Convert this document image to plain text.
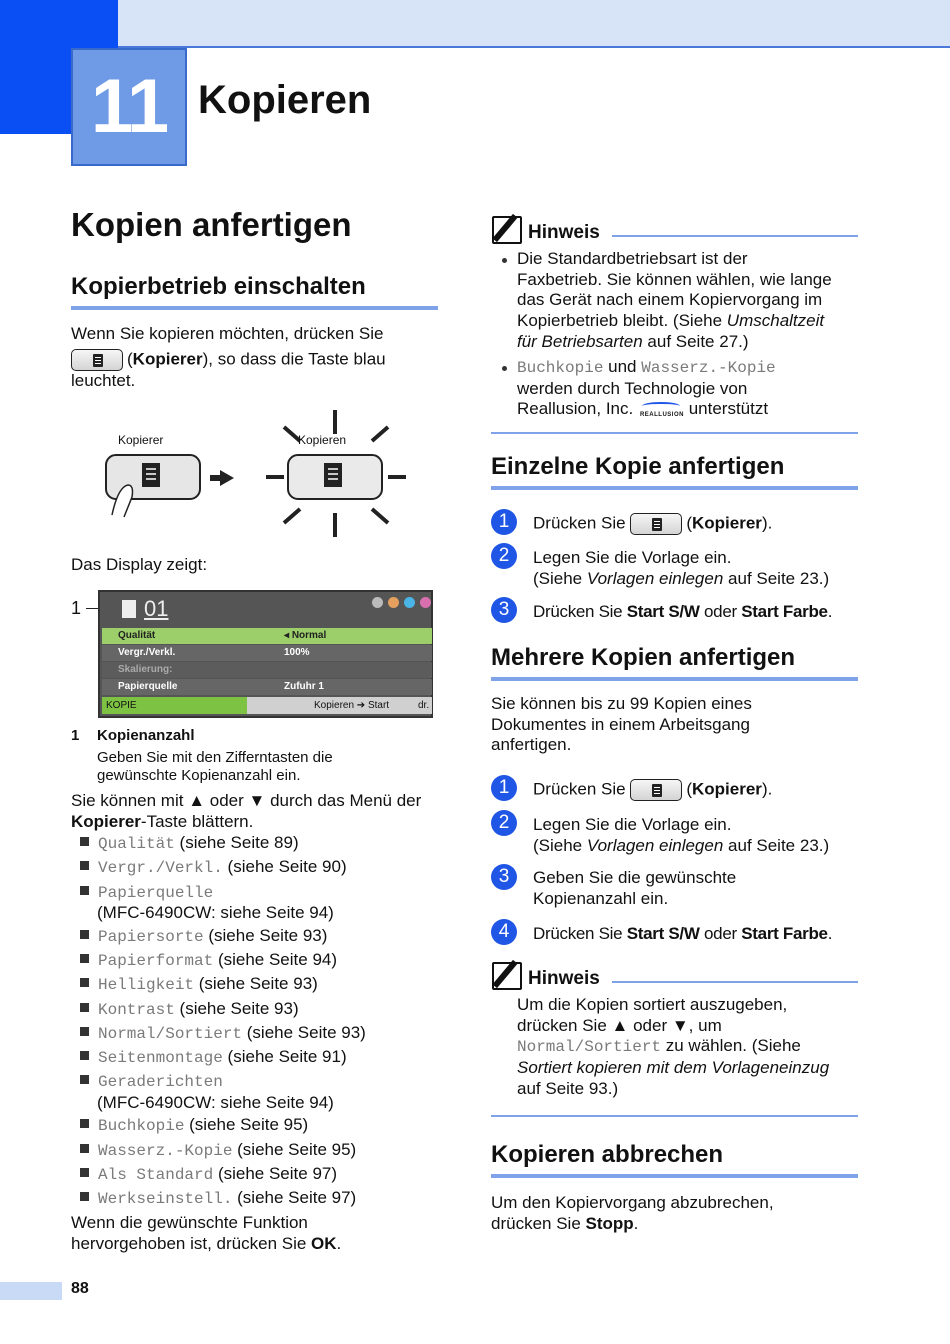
11 Kopieren
Kopien anfertigen
Kopierbetrieb einschalten
Wenn Sie kopieren möchten, drücken Sie
(Kopierer), so dass die Taste blau
leuchtet.
Kopierer	Kopieren
Das Display zeigt:
1	01
Qualität	◂ Normal
Vergr./Verkl.	100%
Skalierung:
Papierquelle	Zufuhr 1
KOPIE	Kopieren ➔ Start	dr.
1 Kopienanzahl
Geben Sie mit den Zifferntasten die
gewünschte Kopienanzahl ein.
Sie können mit ▲ oder ▼ durch das Menü der
Kopierer-Taste blättern.
Qualität (siehe Seite 89)
Vergr./Verkl. (siehe Seite 90)
Papierquelle
(MFC-6490CW: siehe Seite 94)
Papiersorte (siehe Seite 93)
Papierformat (siehe Seite 94)
Helligkeit (siehe Seite 93)
Kontrast (siehe Seite 93)
Normal/Sortiert (siehe Seite 93)
Seitenmontage (siehe Seite 91)
Geraderichten
(MFC-6490CW: siehe Seite 94)
Buchkopie (siehe Seite 95)
Wasserz.-Kopie (siehe Seite 95)
Als Standard (siehe Seite 97)
Werkseinstell. (siehe Seite 97)
Wenn die gewünschte Funktion
hervorgehoben ist, drücken Sie OK.
Hinweis
Die Standardbetriebsart ist der
Faxbetrieb. Sie können wählen, wie lange
das Gerät nach einem Kopiervorgang im
Kopierbetrieb bleibt. (Siehe Umschaltzeit
für Betriebsarten auf Seite 27.)
Buchkopie und Wasserz.-Kopie
werden durch Technologie von
Reallusion, Inc. REALLUSION unterstützt
Einzelne Kopie anfertigen
1	Drücken Sie	(Kopierer).
2	Legen Sie die Vorlage ein.
(Siehe Vorlagen einlegen auf Seite 23.)
3	Drücken Sie Start S/W oder Start Farbe.
Mehrere Kopien anfertigen
Sie können bis zu 99 Kopien eines
Dokumentes in einem Arbeitsgang
anfertigen.
1	Drücken Sie	(Kopierer).
2	Legen Sie die Vorlage ein.
(Siehe Vorlagen einlegen auf Seite 23.)
3	Geben Sie die gewünschte
Kopienanzahl ein.
4	Drücken Sie Start S/W oder Start Farbe.
Hinweis
Um die Kopien sortiert auszugeben,
drücken Sie ▲ oder ▼, um
Normal/Sortiert zu wählen. (Siehe
Sortiert kopieren mit dem Vorlageneinzug
auf Seite 93.)
Kopieren abbrechen
Um den Kopiervorgang abzubrechen,
drücken Sie Stopp.
88
